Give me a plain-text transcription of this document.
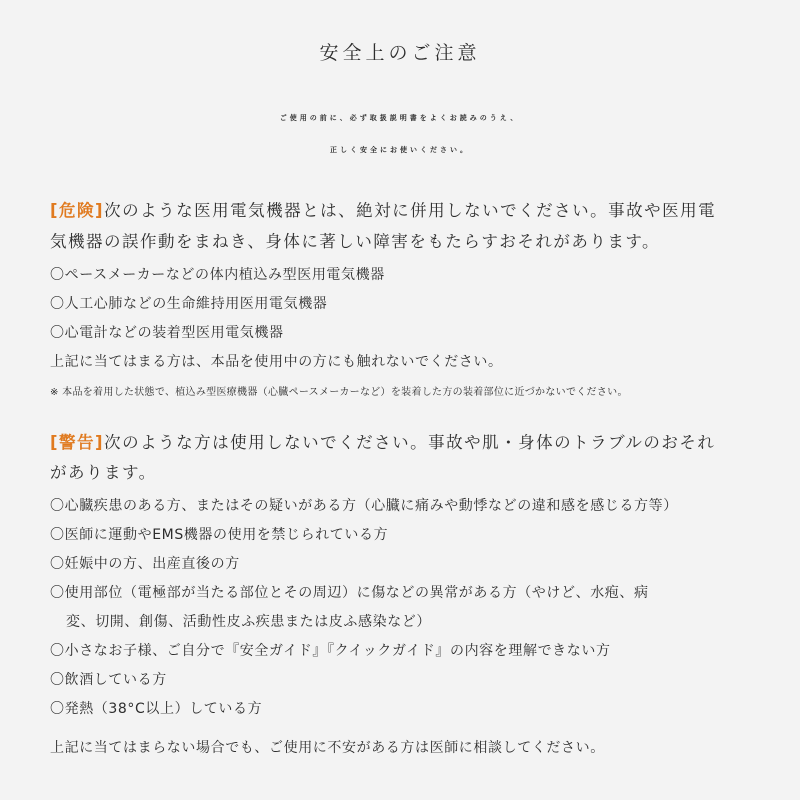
安全上のご注意
ご使用の前に、必ず取扱説明書をよくお読みのうえ、
正しく安全にお使いください。
[危険]次のような医用電気機器とは、絶対に併用しないでください。事故や医用電
気機器の誤作動をまねき、身体に著しい障害をもたらすおそれがあります。
〇ペースメーカーなどの体内植込み型医用電気機器
〇人工心肺などの生命維持用医用電気機器
〇心電計などの装着型医用電気機器
上記に当てはまる方は、本品を使用中の方にも触れないでください。
※ 本品を着用した状態で、植込み型医療機器（心臓ペースメーカーなど）を装着した方の装着部位に近づかないでください。
[警告]次のような方は使用しないでください。事故や肌・身体のトラブルのおそれ
があります。
〇心臓疾患のある方、またはその疑いがある方（心臓に痛みや動悸などの違和感を感じる方等）
〇医師に運動やEMS機器の使用を禁じられている方
〇妊娠中の方、出産直後の方
〇使用部位（電極部が当たる部位とその周辺）に傷などの異常がある方（やけど、水疱、病
変、切開、創傷、活動性皮ふ疾患または皮ふ感染など）
〇小さなお子様、ご自分で『安全ガイド』『クイックガイド』の内容を理解できない方
〇飲酒している方
〇発熱（38°C以上）している方
上記に当てはまらない場合でも、ご使用に不安がある方は医師に相談してください。
